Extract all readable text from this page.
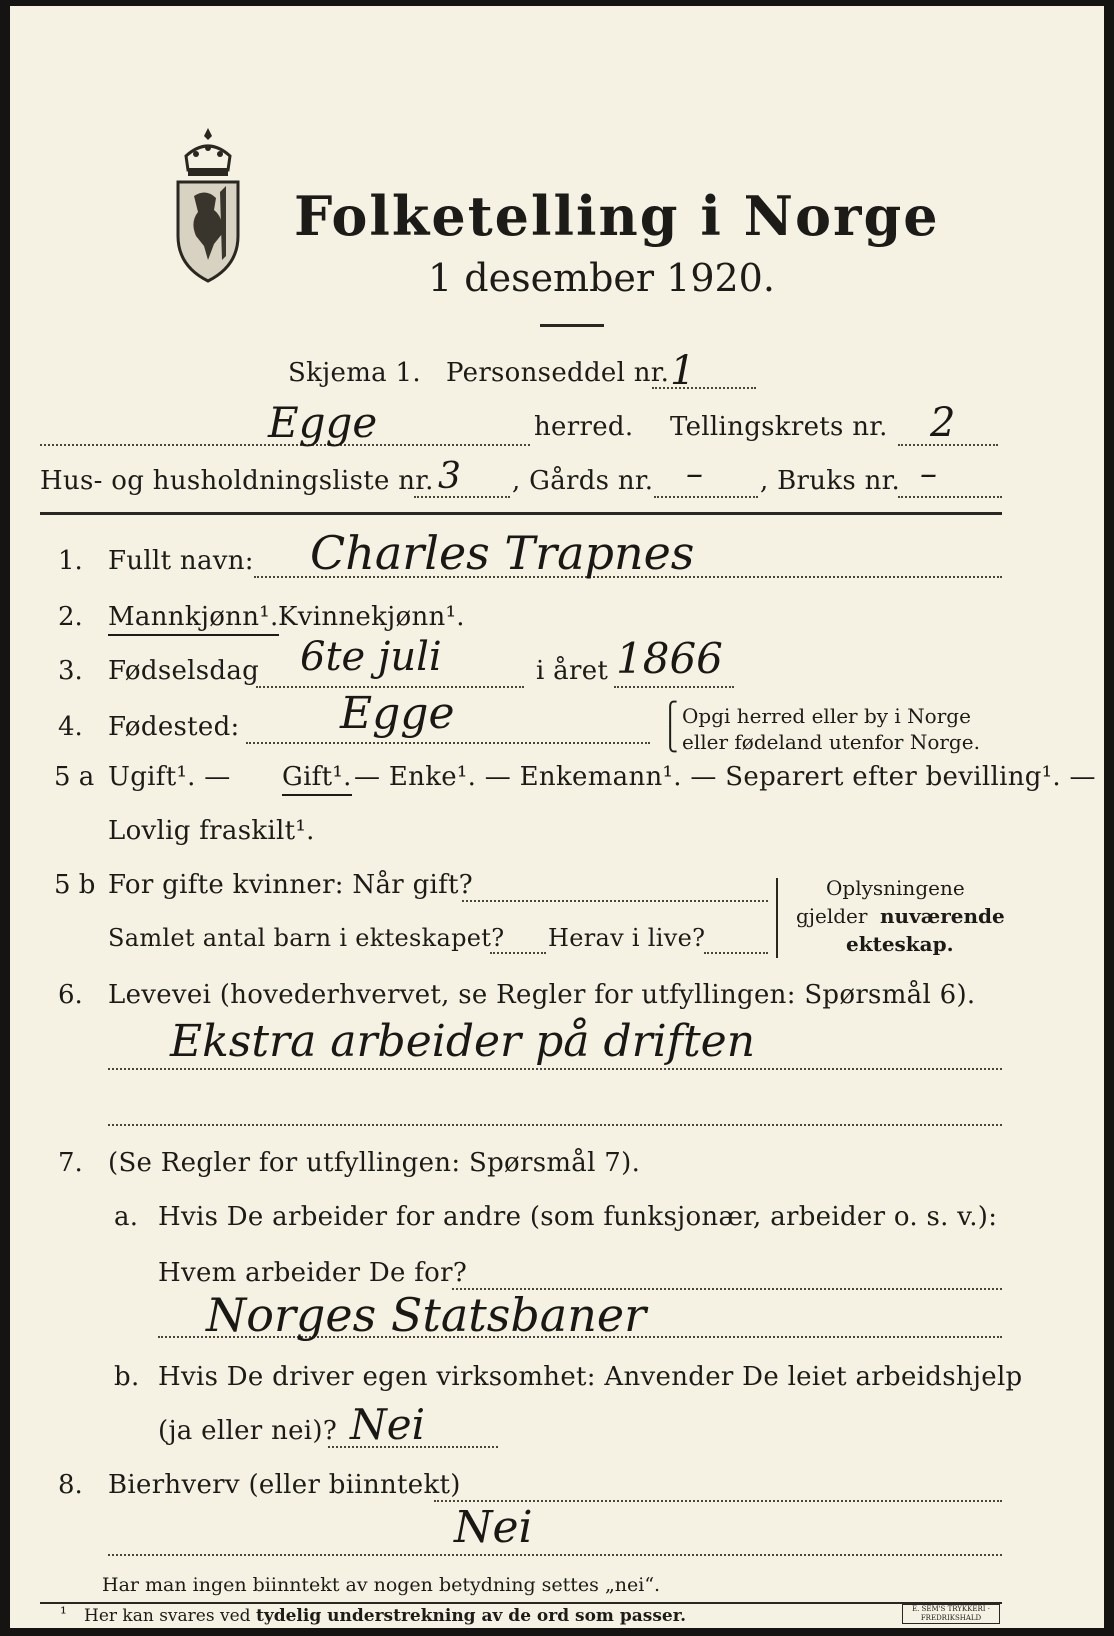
Folketelling i Norge
1 desember 1920.
Skjema 1. Personseddel nr. 1
Egge	herred. Tellingskrets nr. 2
Hus- og husholdningsliste nr. 3 , Gårds nr. – , Bruks nr. –
1. Fullt navn: Charles Trapnes
2. Mannkjønn¹. Kvinnekjønn¹.
3. Fødselsdag 6te juli	i året 1866
4. Fødested: Egge	⎧
⎩
Opgi herred eller by i Norge
eller fødeland utenfor Norge.
5 a Ugift¹. — Gift¹. — Enke¹. — Enkemann¹. — Separert efter bevilling¹. —
Lovlig fraskilt¹.
5 b For gifte kvinner: Når gift?
Samlet antal barn i ekteskapet? Herav i live?
Oplysningene
gjelder nuværende
ekteskap.
6. Levevei (hovederhvervet, se Regler for utfyllingen: Spørsmål 6).
Ekstra arbeider på driften
7. (Se Regler for utfyllingen: Spørsmål 7).
a. Hvis De arbeider for andre (som funksjonær, arbeider o. s. v.):
Hvem arbeider De for?
Norges Statsbaner
b. Hvis De driver egen virksomhet: Anvender De leiet arbeidshjelp
(ja eller nei)? Nei
8. Bierhverv (eller biinntekt)
Nei
Har man ingen biinntekt av nogen betydning settes „nei“.
¹ Her kan svares ved tydelig understrekning av de ord som passer.	E. SEM'S TRYKKERI · FREDRIKSHALD
